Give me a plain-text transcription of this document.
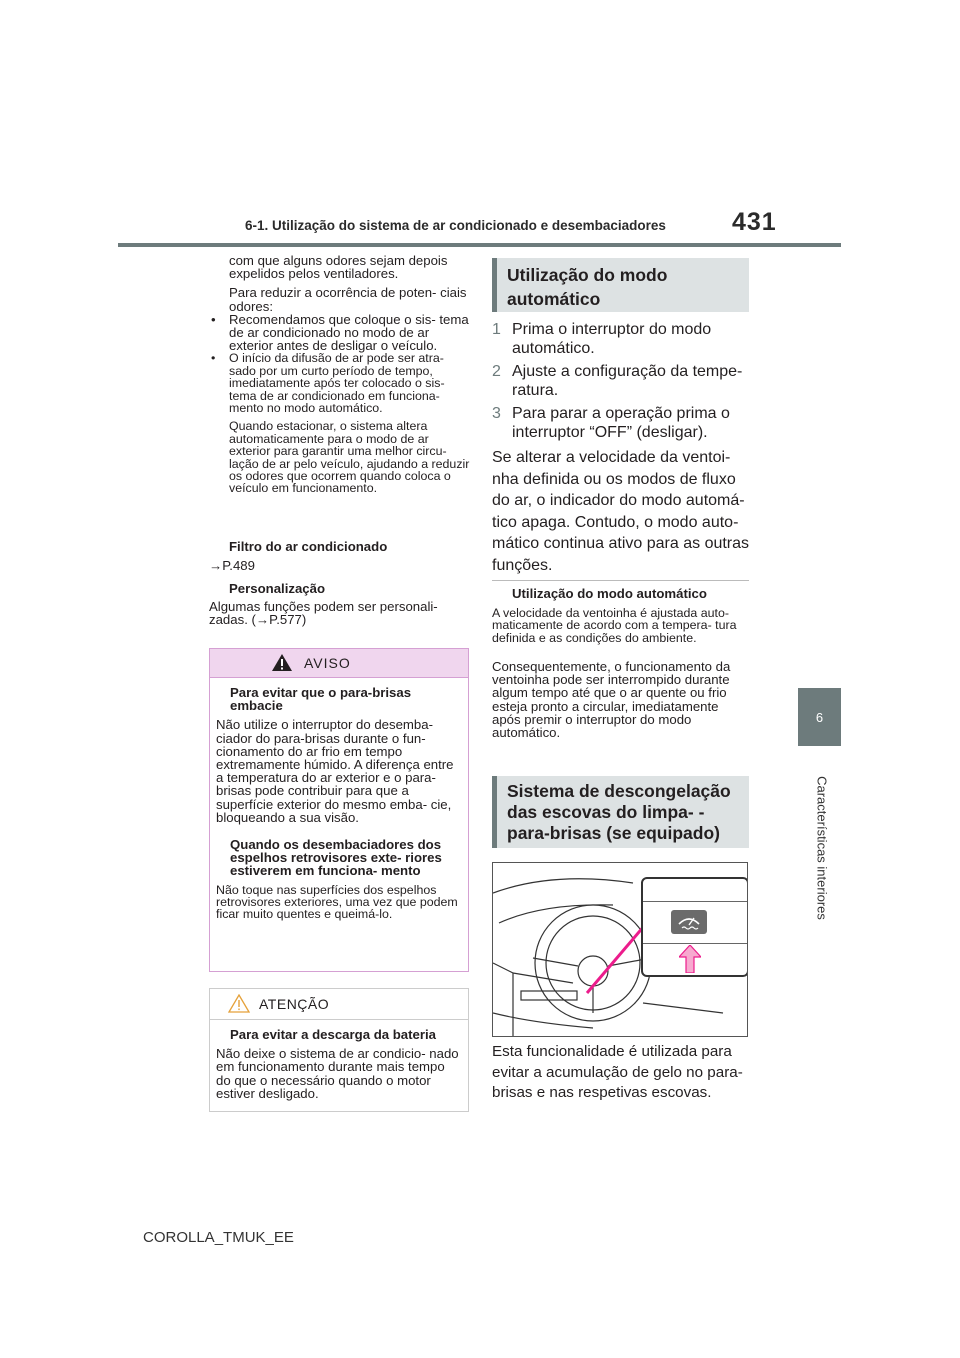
6-1. Utilização do sistema de ar condicionado e desembaciadores	431
6
Características interiores

com que alguns odores sejam depois expelidos pelos ventiladores.

Para reduzir a ocorrência de poten- ciais odores:

• Recomendamos que coloque o sis- tema de ar condicionado no modo de ar exterior antes de desligar o veículo.

• O início da difusão de ar pode ser atra- sado por um curto período de tempo, imediatamente após ter colocado o sis- tema de ar condicionado em funciona- mento no modo automático.

Quando estacionar, o sistema altera automaticamente para o modo de ar exterior para garantir uma melhor circu- lação de ar pelo veículo, ajudando a reduzir os odores que ocorrem quando coloca o veículo em funcionamento.

Filtro do ar condicionado
→P.489
Personalização
Algumas funções podem ser personali- zadas. (→P.577)
AVISO

Para evitar que o para-brisas embacie

Não utilize o interruptor do desemba- ciador do para-brisas durante o fun- cionamento do ar frio em tempo extremamente húmido. A diferença entre a temperatura do ar exterior e o para-brisas pode contribuir para que a superfície exterior do mesmo emba- cie, bloqueando a sua visão.

Quando os desembaciadores dos espelhos retrovisores exte- riores estiverem em funciona- mento

Não toque nas superfícies dos espelhos retrovisores exteriores, uma vez que podem ficar muito quentes e queimá-lo.

ATENÇÃO

Para evitar a descarga da bateria

Não deixe o sistema de ar condicio- nado em funcionamento durante mais tempo do que o necessário quando o motor estiver desligado.

Utilização do modo automático
1 Prima o interruptor do modo automático.
2 Ajuste a configuração da tempe- ratura.
3 Para parar a operação prima o interruptor “OFF” (desligar).
Se alterar a velocidade da ventoi- nha definida ou os modos de fluxo do ar, o indicador do modo automá- tico apaga. Contudo, o modo auto- mático continua ativo para as outras funções.
Utilização do modo automático
A velocidade da ventoinha é ajustada auto- maticamente de acordo com a tempera- tura definida e as condições do ambiente.
Consequentemente, o funcionamento da ventoinha pode ser interrompido durante algum tempo até que o ar quente ou frio esteja pronto a circular, imediatamente após premir o interruptor do modo automático.
Sistema de descongelação das escovas do limpa- -para-brisas (se equipado)
Esta funcionalidade é utilizada para evitar a acumulação de gelo no para-brisas e nas respetivas escovas.
COROLLA_TMUK_EE
